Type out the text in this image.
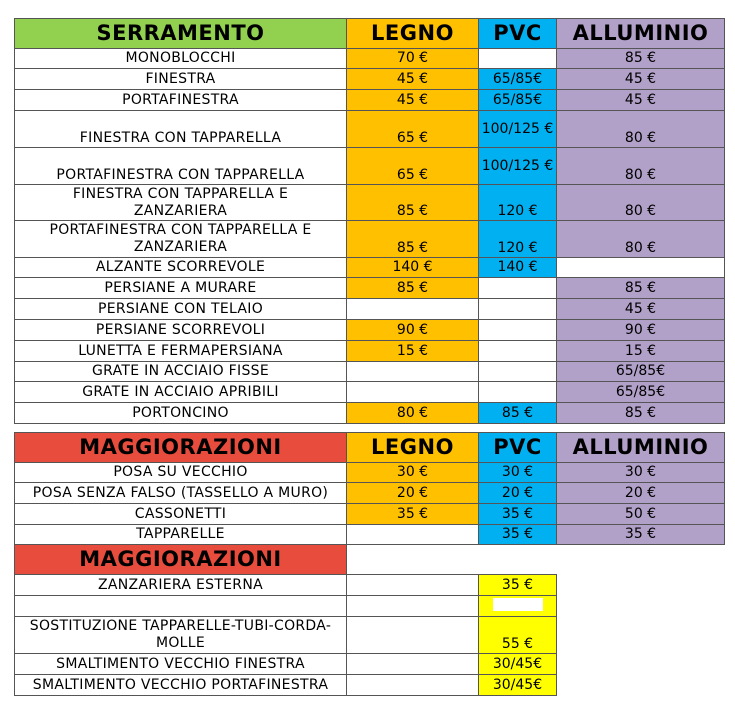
SERRAMENTO	LEGNO	PVC	ALLUMINIO
MONOBLOCCHI	70 €		85 €
FINESTRA	45 €	65/85€	45 €
PORTAFINESTRA	45 €	65/85€	45 €
FINESTRA CON TAPPARELLA	65 €	100/125 €	80 €
PORTAFINESTRA CON TAPPARELLA	65 €	100/125 €	80 €
FINESTRA CON TAPPARELLA E ZANZARIERA	85 €	120 €	80 €
PORTAFINESTRA CON TAPPARELLA E ZANZARIERA	85 €	120 €	80 €
ALZANTE SCORREVOLE	140 €	140 €	
PERSIANE A MURARE	85 €		85 €
PERSIANE CON TELAIO			45 €
PERSIANE SCORREVOLI	90 €		90 €
LUNETTA E FERMAPERSIANA	15 €		15 €
GRATE IN ACCIAIO FISSE			65/85€
GRATE IN ACCIAIO APRIBILI			65/85€
PORTONCINO	80 €	85 €	85 €
MAGGIORAZIONI	LEGNO	PVC	ALLUMINIO
POSA SU VECCHIO	30 €	30 €	30 €
POSA SENZA FALSO (TASSELLO A MURO)	20 €	20 €	20 €
CASSONETTI	35 €	35 €	50 €
TAPPARELLE		35 €	35 €
MAGGIORAZIONI		
ZANZARIERA ESTERNA		35 €

SOSTITUZIONE TAPPARELLE-TUBI-CORDA-MOLLE		55 €
SMALTIMENTO VECCHIO FINESTRA		30/45€
SMALTIMENTO VECCHIO PORTAFINESTRA		30/45€
